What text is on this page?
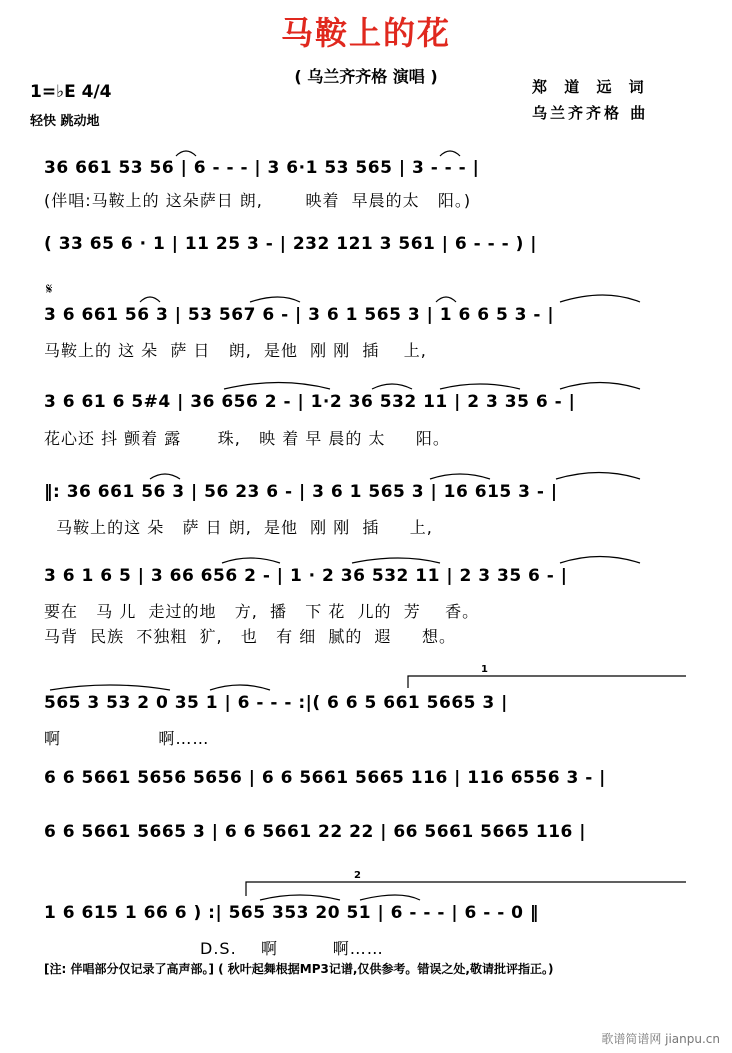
马鞍上的花
( 乌兰齐齐格 演唱 )
1=♭E 4/4
轻快 跳动地
郑 道 远 词
乌兰齐齐格 曲
𝄋
36 661 53 56 | 6 - - - | 3 6·1 53 565 | 3 - - - |
(伴唱:马鞍上的 这朵萨日 朗,       映着  早晨的太   阳。)
( 33 65 6 · 1 | 11 25 3 - | 232 121 3 561 | 6 - - - ) |
3 6 661 56 3 | 53 567 6 - | 3 6 1 565 3 | 1 6 6 5 3 - |
马鞍上的 这 朵  萨 日   朗,  是他  刚 刚  插    上,
3 6 61 6 5#4 | 36 656 2 - | 1·2 36 532 11 | 2 3 35 6 - |
花心还 抖 颤着 露      珠,   映 着 早 晨的 太     阳。
‖: 36 661 56 3 | 56 23 6 - | 3 6 1 565 3 | 16 615 3 - |
马鞍上的这 朵   萨 日 朗,  是他  刚 刚  插     上,
3 6 1 6 5 | 3 66 656 2 - | 1 · 2 36 532 11 | 2 3 35 6 - |
要在   马 儿  走过的地   方,  播   下 花  儿的  芳    香。
马背  民族  不独粗  犷,   也   有 细  腻的  遐     想。
1
565 3 53 2 0 35 1 | 6 - - - :|( 6 6 5 661 5665 3 |
啊                啊……
6 6 5661 5656 5656 | 6 6 5661 5665 116 | 116 6556 3 - |
6 6 5661 5665 3 | 6 6 5661 22 22 | 66 5661 5665 116 |
2
1 6 615 1 66 6 ) :| 565 353 20 51 | 6 - - - | 6 - - 0 ‖
D.S.    啊         啊……
[注: 伴唱部分仅记录了高声部。] ( 秋叶起舞根据MP3记谱,仅供参考。错误之处,敬请批评指正。)
歌谱简谱网 jianpu.cn
